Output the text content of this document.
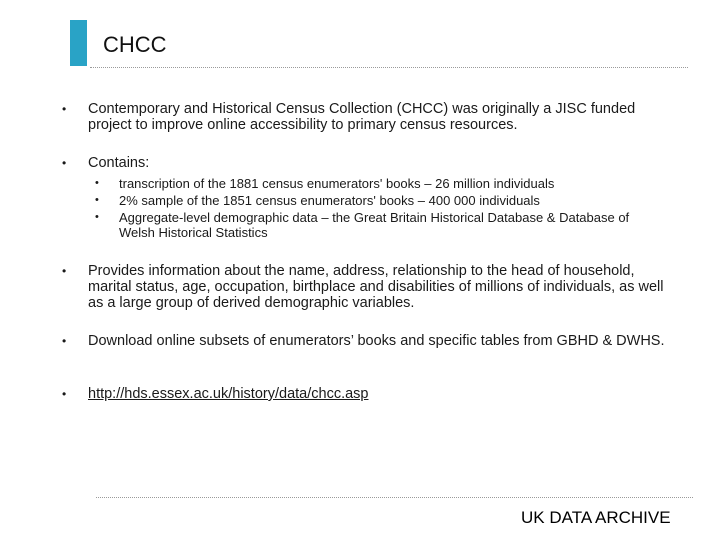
CHCC
•	Contemporary and Historical Census Collection (CHCC) was originally a JISC funded project to improve online accessibility to primary census resources.
•	Contains:
•	transcription of the 1881 census enumerators' books – 26 million individuals
•	2% sample of the 1851 census enumerators' books – 400 000 individuals
•	Aggregate-level demographic data – the Great Britain Historical Database & Database of Welsh Historical Statistics
•	Provides information about the name, address, relationship to the head of household, marital status, age, occupation, birthplace and disabilities of millions of individuals, as well as a large group of derived demographic variables.
•	Download online subsets of enumerators’ books and specific tables from GBHD & DWHS.
•	http://hds.essex.ac.uk/history/data/chcc.asp
UK DATA ARCHIVE
